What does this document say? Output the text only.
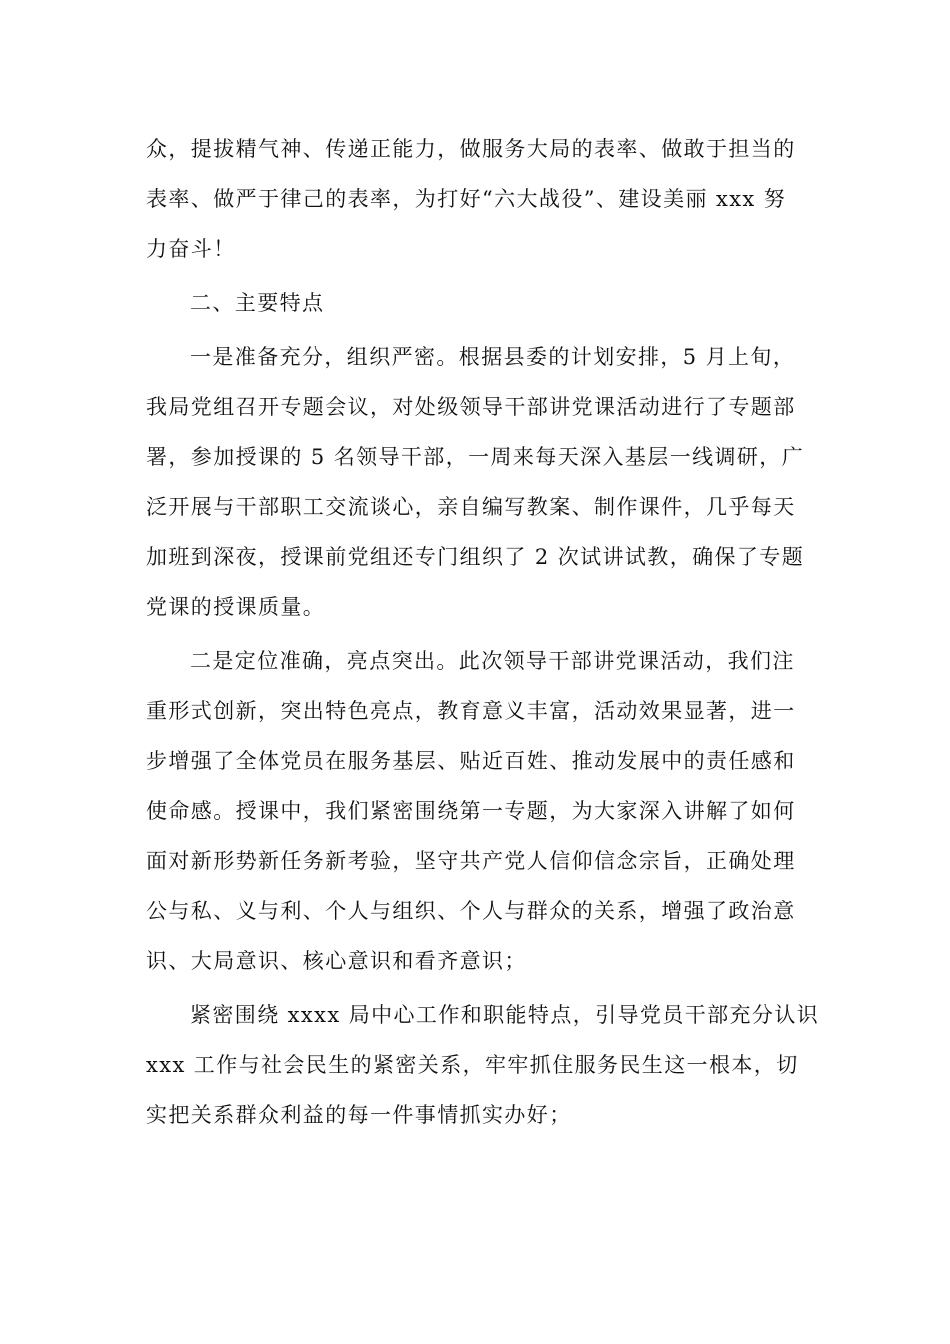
众，提拔精气神、传递正能力，做服务大局的表率、做敢于担当的
表率、做严于律己的表率，为打好“六大战役”、建设美丽 xxx 努
力奋斗！
二、主要特点
一是准备充分，组织严密。根据县委的计划安排，5 月上旬，
我局党组召开专题会议，对处级领导干部讲党课活动进行了专题部
署，参加授课的 5 名领导干部，一周来每天深入基层一线调研，广
泛开展与干部职工交流谈心，亲自编写教案、制作课件，几乎每天
加班到深夜，授课前党组还专门组织了 2 次试讲试教，确保了专题
党课的授课质量。
二是定位准确，亮点突出。此次领导干部讲党课活动，我们注
重形式创新，突出特色亮点，教育意义丰富，活动效果显著，进一
步增强了全体党员在服务基层、贴近百姓、推动发展中的责任感和
使命感。授课中，我们紧密围绕第一专题，为大家深入讲解了如何
面对新形势新任务新考验，坚守共产党人信仰信念宗旨，正确处理
公与私、义与利、个人与组织、个人与群众的关系，增强了政治意
识、大局意识、核心意识和看齐意识；
紧密围绕 xxxx 局中心工作和职能特点，引导党员干部充分认识
xxx 工作与社会民生的紧密关系，牢牢抓住服务民生这一根本，切
实把关系群众利益的每一件事情抓实办好；
